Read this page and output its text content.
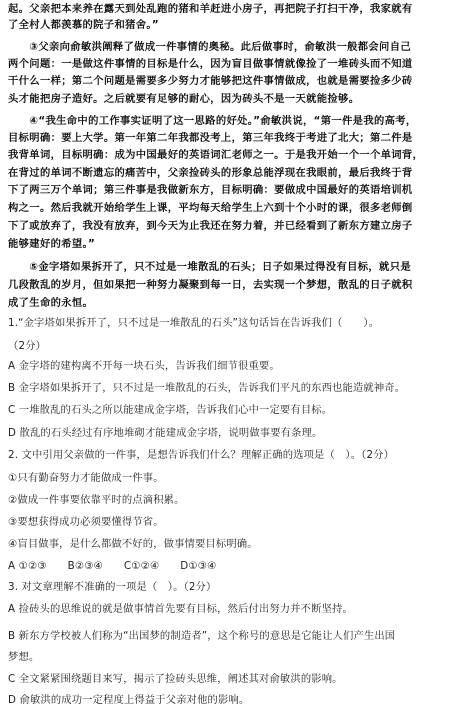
起。父亲把本来养在露天到处乱跑的猪和羊赶进小房子，再把院子打扫干净，我家就有
了全村人都羡慕的院子和猪舍。”
　　③父亲向俞敏洪阐释了做成一件事情的奥秘。此后做事时，俞敏洪一般都会问自己
两个问题：一是做这件事情的目标是什么，因为盲目做事情就像捡了一堆砖头而不知道
干什么一样；第二个问题是需要多少努力才能够把这件事情做成，也就是需要捡多少砖
头才能把房子造好。之后就要有足够的耐心，因为砖头不是一天就能捡够。
　　④“我生命中的工作事实证明了这一思路的好处。”俞敏洪说，“第一件是我的高考，
目标明确：要上大学。第一年第二年我都没考上，第三年我终于考进了北大；第二件是
我背单词，目标明确：成为中国最好的英语词汇老师之一。于是我开始一个一个单词背，
在背过的单词不断遗忘的痛苦中，父亲捡砖头的形象总能浮现在我眼前，最后我终于背
下了两三万个单词；第三件事是我做新东方，目标明确：要做成中国最好的英语培训机
构之一。然后我就开始给学生上课，平均每天给学生上六到十个小时的课，很多老师倒
下了或放弃了，我没有放弃，到今天为止我还在努力着，并已经看到了新东方建立房子
能够建好的希望。”
　　⑤金字塔如果拆开了，只不过是一堆散乱的石头；日子如果过得没有目标，就只是
几段散乱的岁月，但如果把一种努力凝聚到每一日，去实现一个梦想，散乱的日子就积
成了生命的永恒。
1.“金字塔如果拆开了，只不过是一堆散乱的石头”这句话旨在告诉我们（　　）。
（2分）
A 金字塔的建构离不开每一块石头，告诉我们细节很重要。
B 金字塔如果拆开了，只不过是一堆散乱的石头，告诉我们平凡的东西也能造就神奇。
C 一堆散乱的石头之所以能建成金字塔，告诉我们心中一定要有目标。
D 散乱的石头经过有序地堆砌才能建成金字塔，说明做事要有条理。
2. 文中引用父亲做的一件事，是想告诉我们什么？理解正确的选项是（　）。（2分）
①只有勤奋努力才能做成一件事。
②做成一件事要依靠平时的点滴积累。
③要想获得成功必须要懂得节省。
④盲目做事，是什么都做不好的，做事情要目标明确。
A ①②③　　B②③④　　C①②④　　D①③④
3. 对文章理解不准确的一项是（　）。（2分）
A 捡砖头的思维说的就是做事情首先要有目标，然后付出努力并不断坚持。
B 新东方学校被人们称为“出国梦的制造者”，这个称号的意思是它能让人们产生出国
梦想。
C 全文紧紧围绕题目来写，揭示了捡砖头思维，阐述其对俞敏洪的影响。
D 俞敏洪的成功一定程度上得益于父亲对他的影响。
